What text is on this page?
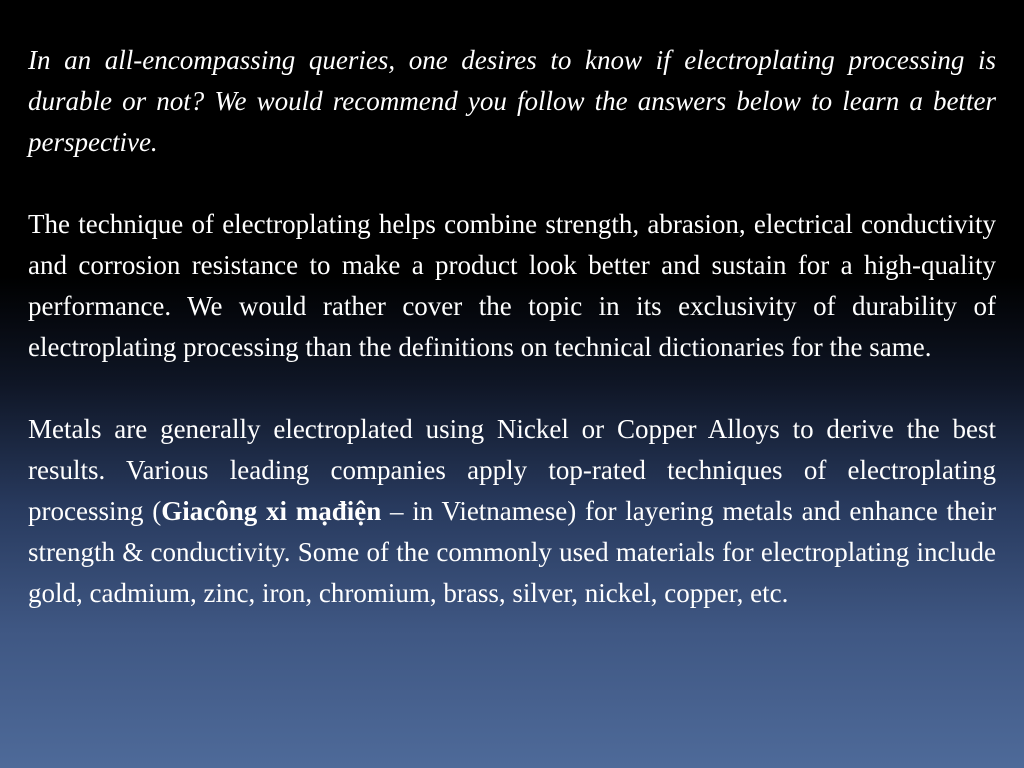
In an all-encompassing queries, one desires to know if electroplating processing is durable or not? We would recommend you follow the answers below to learn a better perspective.

The technique of electroplating helps combine strength, abrasion, electrical conductivity and corrosion resistance to make a product look better and sustain for a high-quality performance. We would rather cover the topic in its exclusivity of durability of electroplating processing than the definitions on technical dictionaries for the same.

Metals are generally electroplated using Nickel or Copper Alloys to derive the best results. Various leading companies apply top-rated techniques of electroplating processing (Giacông xi mạđiện – in Vietnamese) for layering metals and enhance their strength & conductivity. Some of the commonly used materials for electroplating include gold, cadmium, zinc, iron, chromium, brass, silver, nickel, copper, etc.
